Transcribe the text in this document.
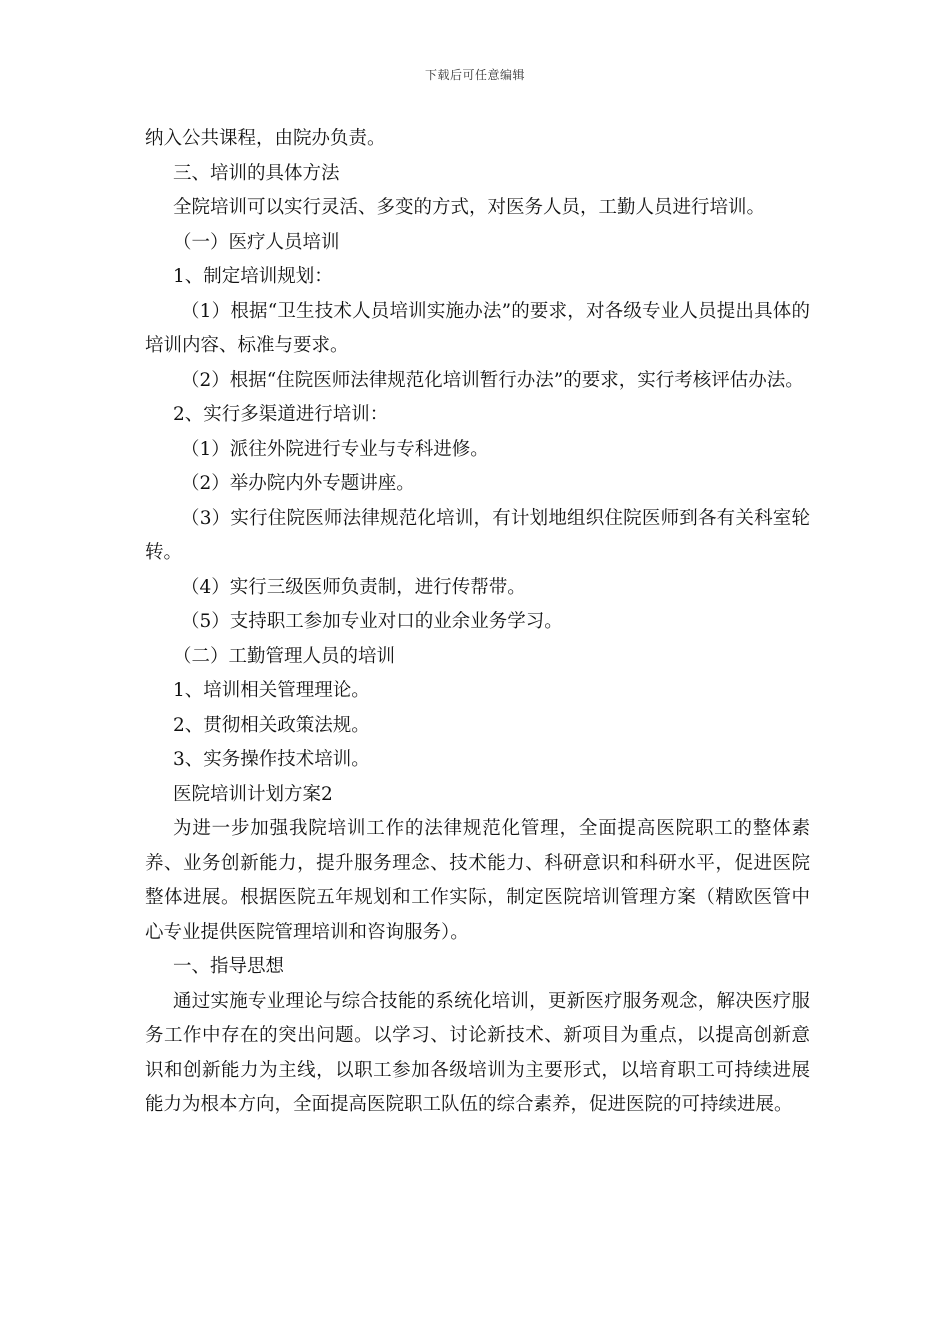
下载后可任意编辑

纳入公共课程，由院办负责。

三、培训的具体方法

全院培训可以实行灵活、多变的方式，对医务人员，工勤人员进行培训。

（一）医疗人员培训

1、制定培训规划：

（1）根据“卫生技术人员培训实施办法”的要求，对各级专业人员提出具体的培训内容、标准与要求。

（2）根据“住院医师法律规范化培训暂行办法”的要求，实行考核评估办法。

2、实行多渠道进行培训：

（1）派往外院进行专业与专科进修。

（2）举办院内外专题讲座。

（3）实行住院医师法律规范化培训，有计划地组织住院医师到各有关科室轮转。

（4）实行三级医师负责制，进行传帮带。

（5）支持职工参加专业对口的业余业务学习。

（二）工勤管理人员的培训

1、培训相关管理理论。

2、贯彻相关政策法规。

3、实务操作技术培训。

医院培训计划方案2

为进一步加强我院培训工作的法律规范化管理，全面提高医院职工的整体素养、业务创新能力，提升服务理念、技术能力、科研意识和科研水平，促进医院整体进展。根据医院五年规划和工作实际，制定医院培训管理方案（精欧医管中心专业提供医院管理培训和咨询服务）。

一、指导思想

通过实施专业理论与综合技能的系统化培训，更新医疗服务观念，解决医疗服务工作中存在的突出问题。以学习、讨论新技术、新项目为重点，以提高创新意识和创新能力为主线，以职工参加各级培训为主要形式，以培育职工可持续进展能力为根本方向，全面提高医院职工队伍的综合素养，促进医院的可持续进展。
